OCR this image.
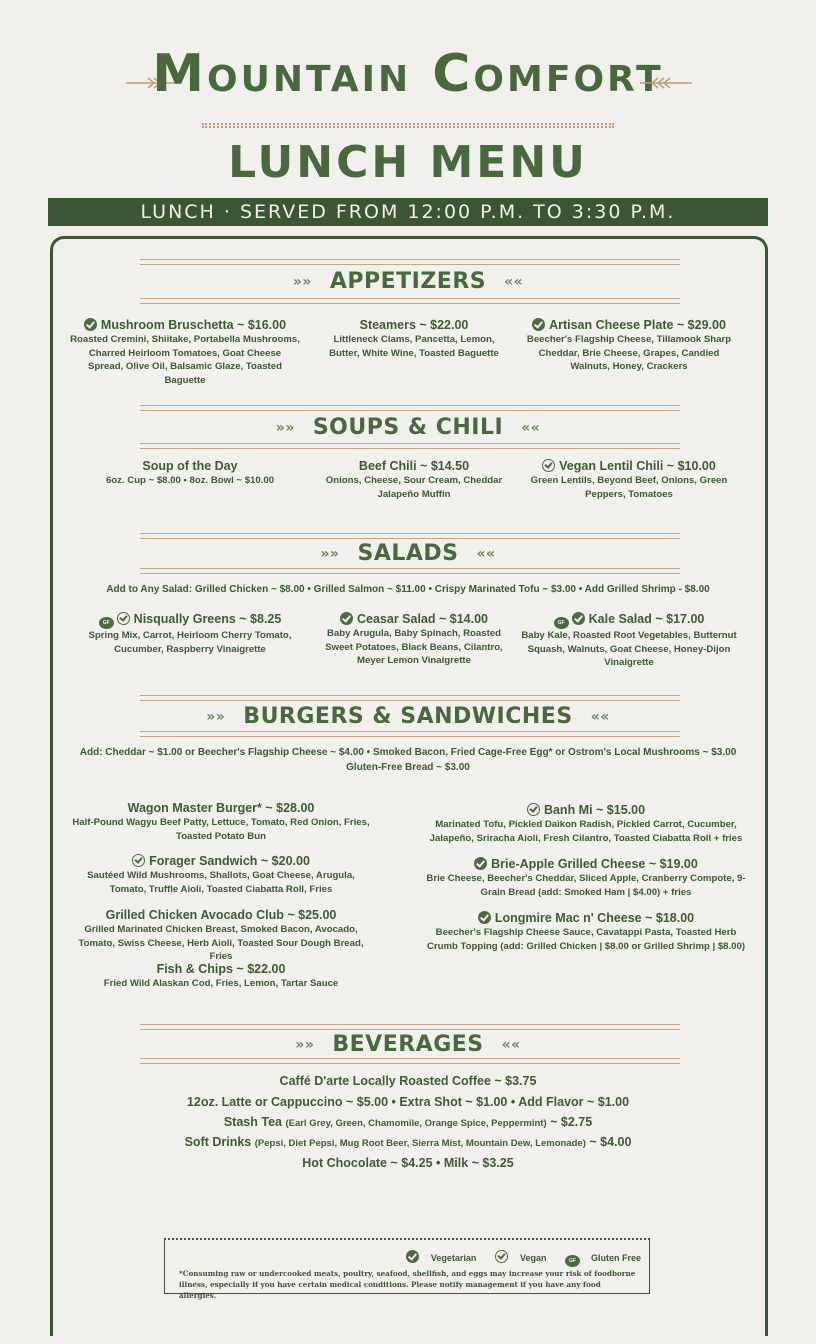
Mountain Comfort
LUNCH MENU
LUNCH · SERVED FROM 12:00 P.M. TO 3:30 P.M.
»» APPETIZERS ««
Mushroom Bruschetta ~ $16.00
Roasted Cremini, Shiitake, Portabella Mushrooms, Charred Heirloom Tomatoes, Goat Cheese Spread, Olive Oil, Balsamic Glaze, Toasted Baguette
Steamers ~ $22.00
Littleneck Clams, Pancetta, Lemon, Butter, White Wine, Toasted Baguette
Artisan Cheese Plate ~ $29.00
Beecher's Flagship Cheese, Tillamook Sharp Cheddar, Brie Cheese, Grapes, Candied Walnuts, Honey, Crackers
»» SOUPS & CHILI ««
Soup of the Day
6oz. Cup ~ $8.00 • 8oz. Bowl ~ $10.00
Beef Chili ~ $14.50
Onions, Cheese, Sour Cream, Cheddar Jalapeño Muffin
Vegan Lentil Chili ~ $10.00
Green Lentils, Beyond Beef, Onions, Green Peppers, Tomatoes
»» SALADS ««
Add to Any Salad: Grilled Chicken ~ $8.00 • Grilled Salmon ~ $11.00 • Crispy Marinated Tofu ~ $3.00 • Add Grilled Shrimp - $8.00
GF Nisqually Greens ~ $8.25
Spring Mix, Carrot, Heirloom Cherry Tomato, Cucumber, Raspberry Vinaigrette
Ceasar Salad ~ $14.00
Baby Arugula, Baby Spinach, Roasted Sweet Potatoes, Black Beans, Cilantro, Meyer Lemon Vinaigrette
GF Kale Salad ~ $17.00
Baby Kale, Roasted Root Vegetables, Butternut Squash, Walnuts, Goat Cheese, Honey-Dijon Vinaigrette
»» BURGERS & SANDWICHES ««
Add: Cheddar ~ $1.00 or Beecher's Flagship Cheese ~ $4.00 • Smoked Bacon, Fried Cage-Free Egg* or Ostrom's Local Mushrooms ~ $3.00
Gluten-Free Bread ~ $3.00
Wagon Master Burger* ~ $28.00
Half-Pound Wagyu Beef Patty, Lettuce, Tomato, Red Onion, Fries, Toasted Potato Bun
Forager Sandwich ~ $20.00
Sautéed Wild Mushrooms, Shallots, Goat Cheese, Arugula, Tomato, Truffle Aioli, Toasted Ciabatta Roll, Fries
Grilled Chicken Avocado Club ~ $25.00
Grilled Marinated Chicken Breast, Smoked Bacon, Avocado, Tomato, Swiss Cheese, Herb Aioli, Toasted Sour Dough Bread, Fries
Fish & Chips ~ $22.00
Fried Wild Alaskan Cod, Fries, Lemon, Tartar Sauce
Banh Mi ~ $15.00
Marinated Tofu, Pickled Daikon Radish, Pickled Carrot, Cucumber, Jalapeño, Sriracha Aioli, Fresh Cilantro, Toasted Ciabatta Roll + fries
Brie-Apple Grilled Cheese ~ $19.00
Brie Cheese, Beecher's Cheddar, Sliced Apple, Cranberry Compote, 9-Grain Bread (add: Smoked Ham | $4.00) + fries
Longmire Mac n' Cheese ~ $18.00
Beecher's Flagship Cheese Sauce, Cavatappi Pasta, Toasted Herb Crumb Topping (add: Grilled Chicken | $8.00 or Grilled Shrimp | $8.00)
»» BEVERAGES ««
Caffé D'arte Locally Roasted Coffee ~ $3.75
12oz. Latte or Cappuccino ~ $5.00 • Extra Shot ~ $1.00 • Add Flavor ~ $1.00
Stash Tea (Earl Grey, Green, Chamomile, Orange Spice, Peppermint) ~ $2.75
Soft Drinks (Pepsi, Diet Pepsi, Mug Root Beer, Sierra Mist, Mountain Dew, Lemonade) ~ $4.00
Hot Chocolate ~ $4.25 • Milk ~ $3.25
Vegetarian	Vegan	GF Gluten Free
*Consuming raw or undercooked meats, poultry, seafood, shellfish, and eggs may increase your risk of foodborne illness, especially if you have certain medical conditions. Please notify management if you have any food allergies.
